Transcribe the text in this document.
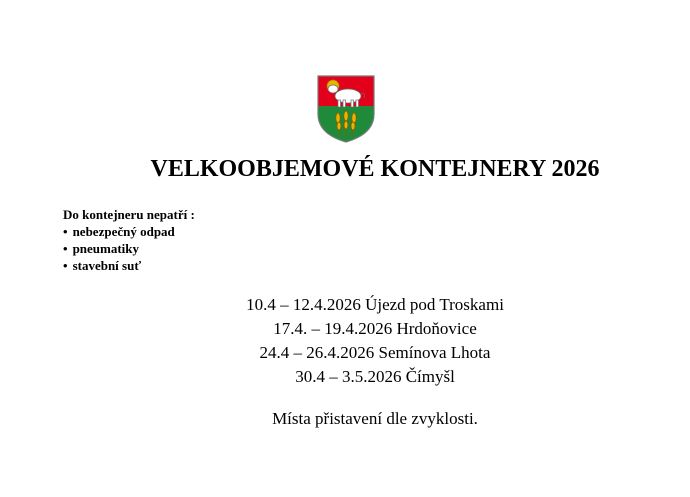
VELKOOBJEMOVÉ KONTEJNERY 2026
Do kontejneru nepatří :
• nebezpečný odpad
• pneumatiky
• stavební suť
10.4 – 12.4.2026 Újezd pod Troskami
17.4. – 19.4.2026 Hrdoňovice
24.4 – 26.4.2026 Semínova Lhota
30.4 – 3.5.2026 Čímyšl
Místa přistavení dle zvyklosti.
